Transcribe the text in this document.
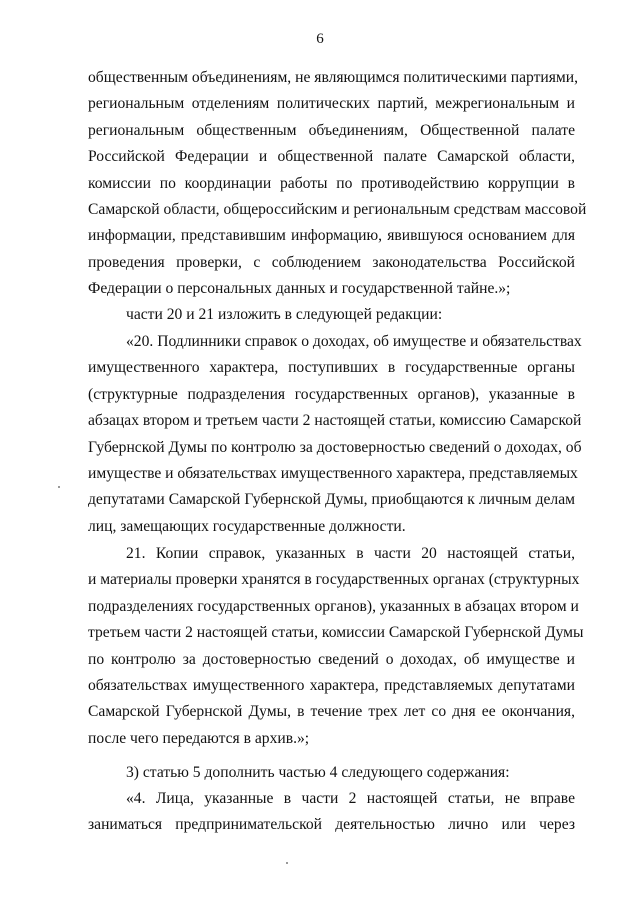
6
общественным объединениям, не являющимся политическими партиями,
региональным отделениям политических партий, межрегиональным и
региональным общественным объединениям, Общественной палате
Российской Федерации и общественной палате Самарской области,
комиссии по координации работы по противодействию коррупции в
Самарской области, общероссийским и региональным средствам массовой
информации, представившим информацию, явившуюся основанием для
проведения проверки, с соблюдением законодательства Российской
Федерации о персональных данных и государственной тайне.»;
части 20 и 21 изложить в следующей редакции:
«20. Подлинники справок о доходах, об имуществе и обязательствах
имущественного характера, поступивших в государственные органы
(структурные подразделения государственных органов), указанные в
абзацах втором и третьем части 2 настоящей статьи, комиссию Самарской
Губернской Думы по контролю за достоверностью сведений о доходах, об
имуществе и обязательствах имущественного характера, представляемых
депутатами Самарской Губернской Думы, приобщаются к личным делам
лиц, замещающих государственные должности.
21. Копии справок, указанных в части 20 настоящей статьи,
и материалы проверки хранятся в государственных органах (структурных
подразделениях государственных органов), указанных в абзацах втором и
третьем части 2 настоящей статьи, комиссии Самарской Губернской Думы
по контролю за достоверностью сведений о доходах, об имуществе и
обязательствах имущественного характера, представляемых депутатами
Самарской Губернской Думы, в течение трех лет со дня ее окончания,
после чего передаются в архив.»;
3) статью 5 дополнить частью 4 следующего содержания:
«4. Лица, указанные в части 2 настоящей статьи, не вправе
заниматься предпринимательской деятельностью лично или через
